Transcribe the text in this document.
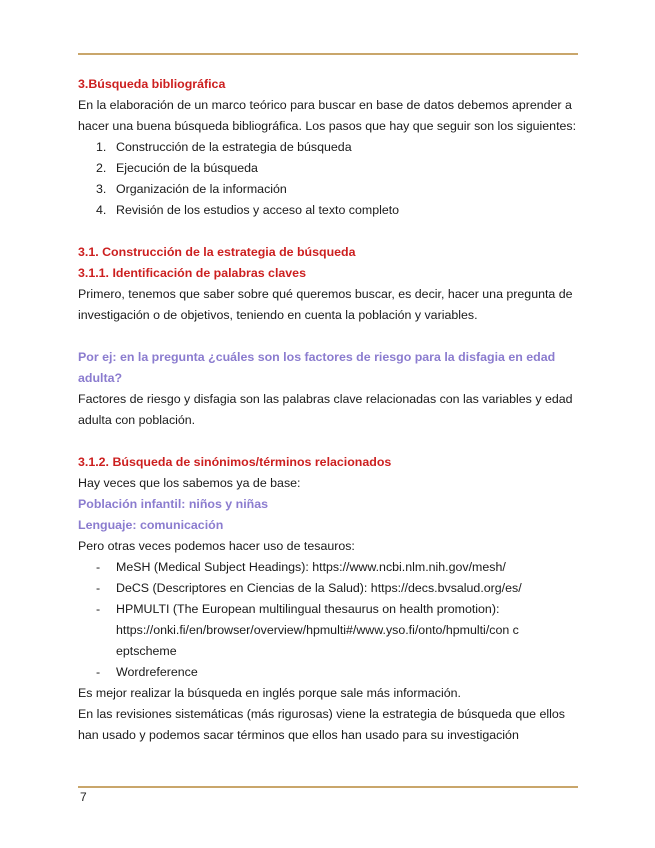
3.Búsqueda bibliográfica
En la elaboración de un marco teórico para buscar en base de datos debemos aprender a
hacer una buena búsqueda bibliográfica. Los pasos que hay que seguir son los siguientes:
1. Construcción de la estrategia de búsqueda
2. Ejecución de la búsqueda
3. Organización de la información
4. Revisión de los estudios y acceso al texto completo
3.1. Construcción de la estrategia de búsqueda
3.1.1. Identificación de palabras claves
Primero, tenemos que saber sobre qué queremos buscar, es decir, hacer una pregunta de
investigación o de objetivos, teniendo en cuenta la población y variables.
Por ej: en la pregunta ¿cuáles son los factores de riesgo para la disfagia en edad
adulta?
Factores de riesgo y disfagia son las palabras clave relacionadas con las variables y edad
adulta con población.
3.1.2. Búsqueda de sinónimos/términos relacionados
Hay veces que los sabemos ya de base:
Población infantil: niños y niñas
Lenguaje: comunicación
Pero otras veces podemos hacer uso de tesauros:
- MeSH (Medical Subject Headings): https://www.ncbi.nlm.nih.gov/mesh/
- DeCS (Descriptores en Ciencias de la Salud): https://decs.bvsalud.org/es/
- HPMULTI (The European multilingual thesaurus on health promotion):
https://onki.fi/en/browser/overview/hpmulti#/www.yso.fi/onto/hpmulti/con c
eptscheme
- Wordreference
Es mejor realizar la búsqueda en inglés porque sale más información.
En las revisiones sistemáticas (más rigurosas) viene la estrategia de búsqueda que ellos
han usado y podemos sacar términos que ellos han usado para su investigación
7
